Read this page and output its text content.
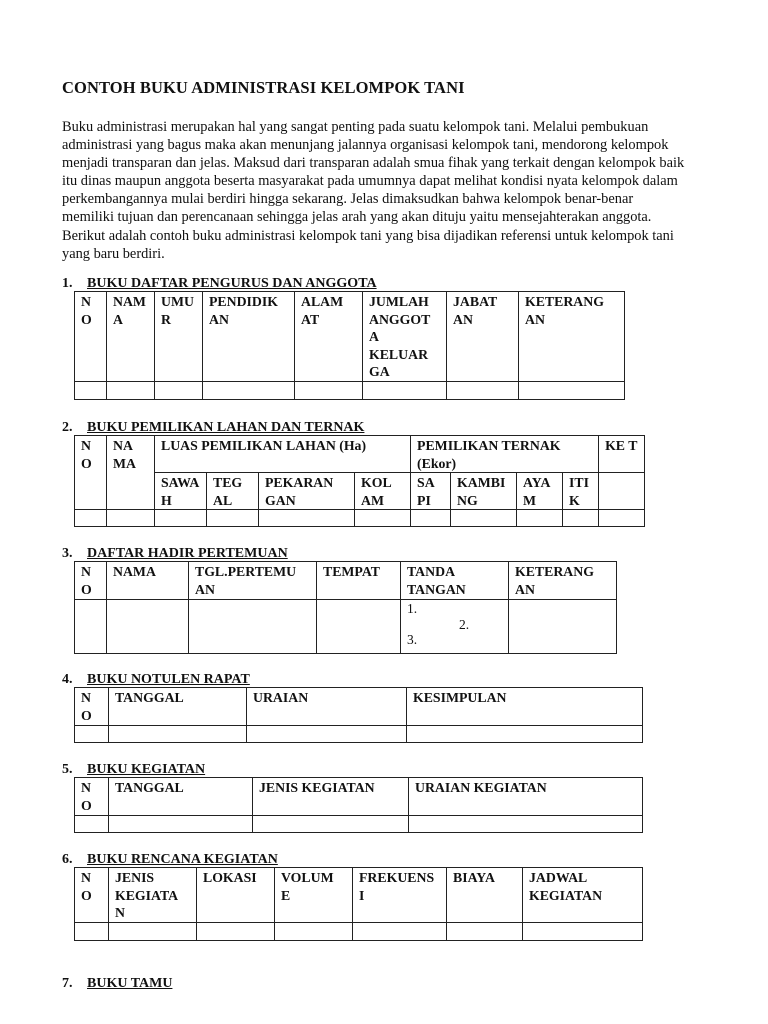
CONTOH BUKU ADMINISTRASI KELOMPOK TANI
Buku administrasi merupakan hal yang sangat penting pada suatu kelompok tani. Melalui pembukuan
administrasi yang bagus maka akan menunjang jalannya organisasi kelompok tani, mendorong kelompok
menjadi transparan dan jelas. Maksud dari transparan adalah smua fihak yang terkait dengan kelompok baik
itu dinas maupun anggota beserta masyarakat pada umumnya dapat melihat kondisi nyata kelompok dalam
perkembangannya mulai berdiri hingga sekarang. Jelas dimaksudkan bahwa kelompok benar-benar
memiliki tujuan dan perencanaan sehingga jelas arah yang akan dituju yaitu mensejahterakan anggota.
Berikut adalah contoh buku administrasi kelompok tani yang bisa dijadikan referensi untuk kelompok tani
yang baru berdiri.
1. BUKU DAFTAR PENGURUS DAN ANGGOTA
N O	NAM A	UMU R	PENDIDIK AN	ALAM AT	JUMLAH ANGGOT A KELUAR GA	JABAT AN	KETERANG AN

2. BUKU PEMILIKAN LAHAN DAN TERNAK
N O	NA MA	LUAS PEMILIKAN LAHAN (Ha)				PEMILIKAN TERNAK (Ekor)				KE T
		SAWA H	TEG AL	PEKARAN GAN	KOL AM	SA PI	KAMBI NG	AYA M	ITI K	

3. DAFTAR HADIR PERTEMUAN
N O	NAMA	TGL.PERTEMU AN	TEMPAT	TANDA TANGAN	KETERANG AN

				1.
2.
3.	

4. BUKU NOTULEN RAPAT
N O	TANGGAL	URAIAN	KESIMPULAN

5. BUKU KEGIATAN
N O	TANGGAL	JENIS KEGIATAN	URAIAN KEGIATAN

6. BUKU RENCANA KEGIATAN
N O	JENIS KEGIATA N	LOKASI	VOLUM E	FREKUENS I	BIAYA	JADWAL KEGIATAN

7. BUKU TAMU
